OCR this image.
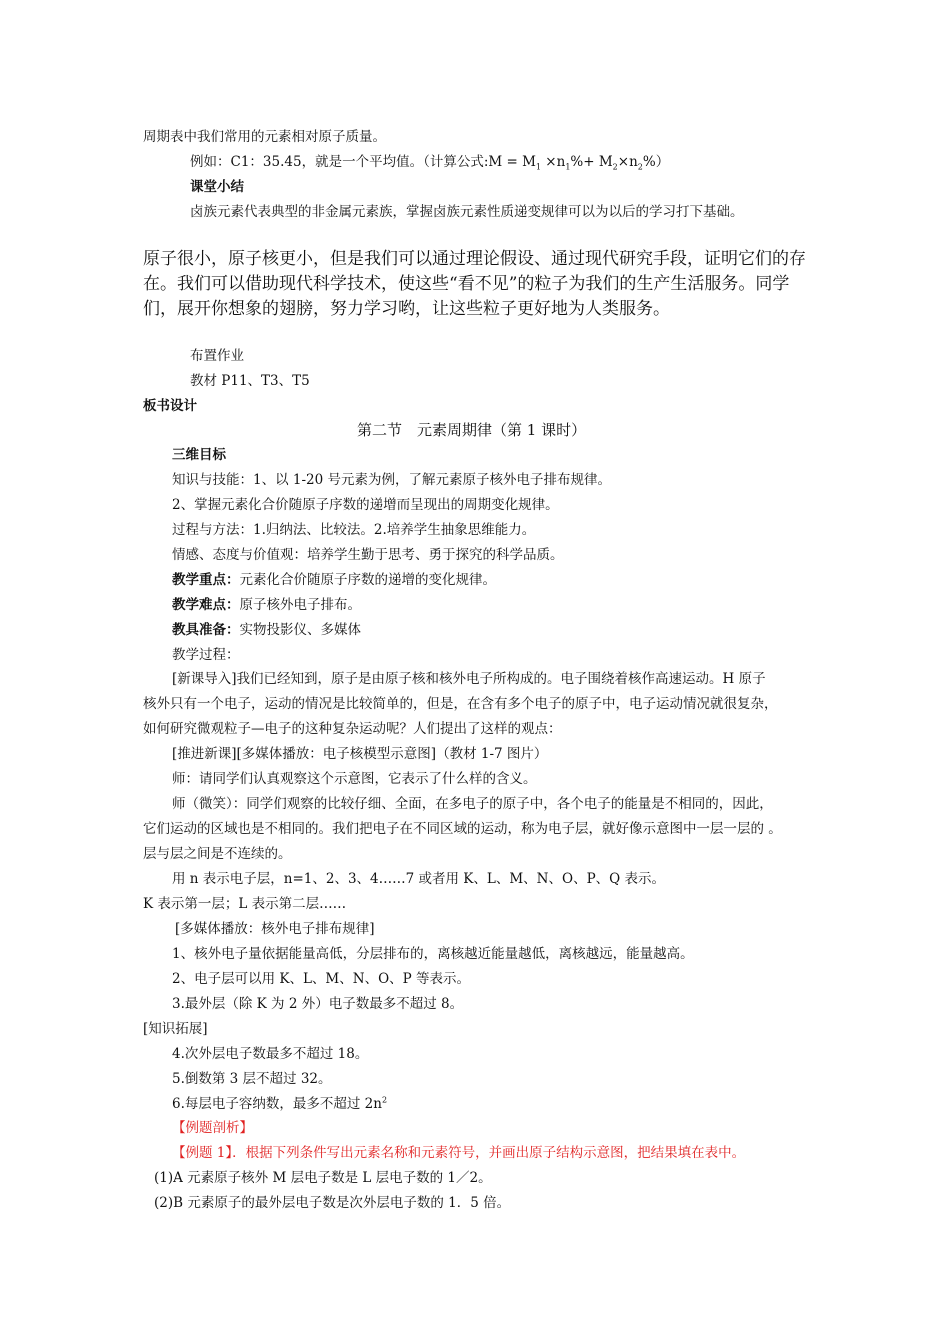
周期表中我们常用的元素相对原子质量。
例如：C1：35.45，就是一个平均值。（计算公式:M = $M_1 \times n_1\%+ M_2\times n_2\%$）
课堂小结
卤族元素代表典型的非金属元素族，掌握卤族元素性质递变规律可以为以后的学习打下基础。
原子很小，原子核更小，但是我们可以通过理论假设、通过现代研究手段，证明它们的存
在。我们可以借助现代科学技术，使这些“看不见”的粒子为我们的生产生活服务。同学
们，展开你想象的翅膀，努力学习哟，让这些粒子更好地为人类服务。
布置作业
教材 P11、T3、T5
板书设计
第二节　元素周期律（第 1 课时）
三维目标
知识与技能：1、以 1-20 号元素为例，了解元素原子核外电子排布规律。
2、掌握元素化合价随原子序数的递增而呈现出的周期变化规律。
过程与方法：1.归纳法、比较法。2.培养学生抽象思维能力。
情感、态度与价值观：培养学生勤于思考、勇于探究的科学品质。
教学重点：元素化合价随原子序数的递增的变化规律。
教学难点：原子核外电子排布。
教具准备：实物投影仪、多媒体
教学过程：
[新课导入]我们已经知到，原子是由原子核和核外电子所构成的。电子围绕着核作高速运动。H 原子
核外只有一个电子，运动的情况是比较简单的，但是，在含有多个电子的原子中，电子运动情况就很复杂，
如何研究微观粒子—电子的这种复杂运动呢？人们提出了这样的观点：
[推进新课][多媒体播放：电子核模型示意图]（教材 1-7 图片）
师：请同学们认真观察这个示意图，它表示了什么样的含义。
师（微笑）：同学们观察的比较仔细、全面，在多电子的原子中，各个电子的能量是不相同的，因此，
它们运动的区域也是不相同的。我们把电子在不同区域的运动，称为电子层，就好像示意图中一层一层的 。
层与层之间是不连续的。
用 n 表示电子层，n=1、2、3、4……7 或者用 K、L、M、N、O、P、Q 表示。
K 表示第一层；L 表示第二层……
[多媒体播放：核外电子排布规律]
1、核外电子量依据能量高低，分层排布的，离核越近能量越低，离核越远，能量越高。
2、电子层可以用 K、L、M、N、O、P 等表示。
3.最外层（除 K 为 2 外）电子数最多不超过 8。
[知识拓展]
4.次外层电子数最多不超过 18。
5.倒数第 3 层不超过 32。
6.每层电子容纳数，最多不超过 $2n^2$
【例题剖析】
【例题 1】．根据下列条件写出元素名称和元素符号，并画出原子结构示意图，把结果填在表中。
(1)A 元素原子核外 M 层电子数是 L 层电子数的 1／2。
(2)B 元素原子的最外层电子数是次外层电子数的 1．5 倍。
